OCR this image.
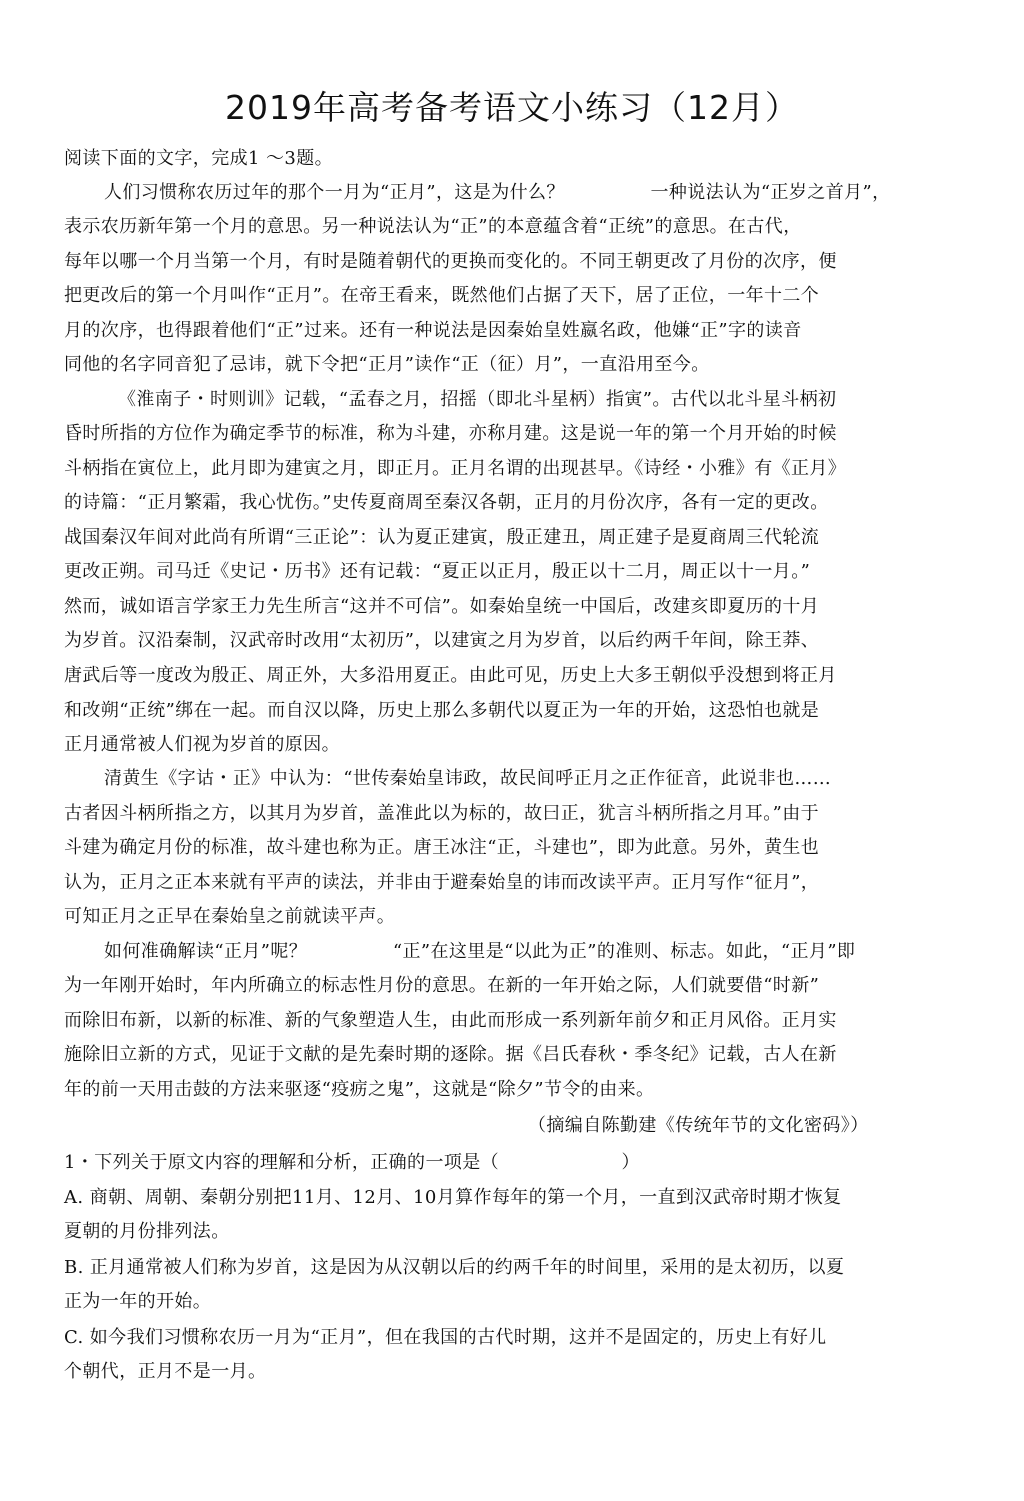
2019年高考备考语文小练习（12月）
阅读下面的文字，完成1 ～3题。
人们习惯称农历过年的那个一月为“正月”，这是为什么？              一种说法认为“正岁之首月”，
表示农历新年第一个月的意思。另一种说法认为“正”的本意蕴含着“正统”的意思。在古代，
每年以哪一个月当第一个月，有时是随着朝代的更换而变化的。不同王朝更改了月份的次序，便
把更改后的第一个月叫作“正月”。在帝王看来，既然他们占据了天下，居了正位，一年十二个
月的次序，也得跟着他们“正”过来。还有一种说法是因秦始皇姓嬴名政，他嫌“正”字的读音
同他的名字同音犯了忌讳，就下令把“正月”读作“正（征）月”，一直沿用至今。
《淮南子・时则训》记载，“孟春之月，招摇（即北斗星柄）指寅”。古代以北斗星斗柄初
昏时所指的方位作为确定季节的标准，称为斗建，亦称月建。这是说一年的第一个月开始的时候
斗柄指在寅位上，此月即为建寅之月，即正月。正月名谓的出现甚早。《诗经・小雅》有《正月》
的诗篇：“正月繁霜，我心忧伤。”史传夏商周至秦汉各朝，正月的月份次序，各有一定的更改。
战国秦汉年间对此尚有所谓“三正论”：认为夏正建寅，殷正建丑，周正建子是夏商周三代轮流
更改正朔。司马迁《史记・历书》还有记载：“夏正以正月，殷正以十二月，周正以十一月。”
然而，诚如语言学家王力先生所言“这并不可信”。如秦始皇统一中国后，改建亥即夏历的十月
为岁首。汉沿秦制，汉武帝时改用“太初历”，以建寅之月为岁首，以后约两千年间，除王莽、
唐武后等一度改为殷正、周正外，大多沿用夏正。由此可见，历史上大多王朝似乎没想到将正月
和改朔“正统”绑在一起。而自汉以降，历史上那么多朝代以夏正为一年的开始，这恐怕也就是
正月通常被人们视为岁首的原因。
清黄生《字诂・正》中认为：“世传秦始皇讳政，故民间呼正月之正作征音，此说非也……
古者因斗柄所指之方，以其月为岁首，盖准此以为标的，故曰正，犹言斗柄所指之月耳。”由于
斗建为确定月份的标准，故斗建也称为正。唐王冰注“正，斗建也”，即为此意。另外，黄生也
认为，正月之正本来就有平声的读法，并非由于避秦始皇的讳而改读平声。正月写作“征月”，
可知正月之正早在秦始皇之前就读平声。
如何准确解读“正月”呢？              “正”在这里是“以此为正”的准则、标志。如此，“正月”即
为一年刚开始时，年内所确立的标志性月份的意思。在新的一年开始之际，人们就要借“时新”
而除旧布新，以新的标准、新的气象塑造人生，由此而形成一系列新年前夕和正月风俗。正月实
施除旧立新的方式，见证于文献的是先秦时期的逐除。据《吕氏春秋・季冬纪》记载，古人在新
年的前一天用击鼓的方法来驱逐“疫疬之鬼”，这就是“除夕”节令的由来。
（摘编自陈勤建《传统年节的文化密码》）
1・下列关于原文内容的理解和分析，正确的一项是（                    ）
A. 商朝、周朝、秦朝分别把11月、12月、10月算作每年的第一个月，一直到汉武帝时期才恢复
夏朝的月份排列法。
B. 正月通常被人们称为岁首，这是因为从汉朝以后的约两千年的时间里，采用的是太初历，以夏
正为一年的开始。
C. 如今我们习惯称农历一月为“正月”，但在我国的古代时期，这并不是固定的，历史上有好儿
个朝代，正月不是一月。
